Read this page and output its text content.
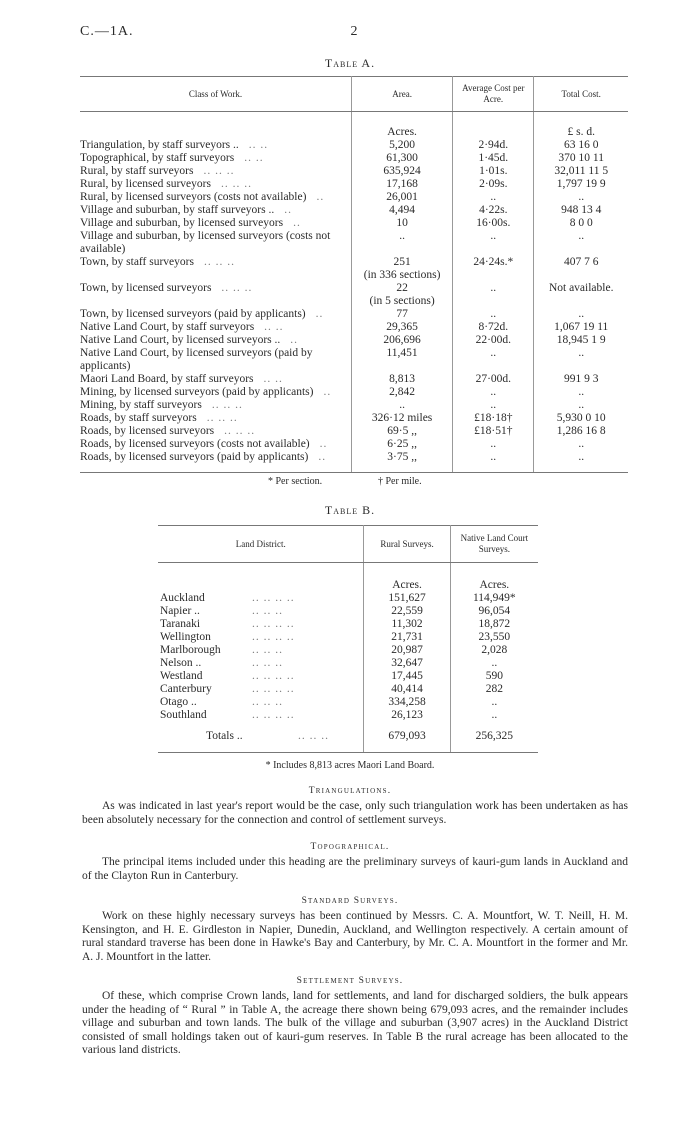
C.—1A.	2
Table A.
Class of Work.	Area.	Average Cost per Acre.	Total Cost.

	Acres.		£ s. d.
Triangulation, by staff surveyors .. .. ..	5,200	2·94d.	63 16 0
Topographical, by staff surveyors .. ..	61,300	1·45d.	370 10 11
Rural, by staff surveyors .. .. ..	635,924	1·01s.	32,011 11 5
Rural, by licensed surveyors .. .. ..	17,168	2·09s.	1,797 19 9
Rural, by licensed surveyors (costs not available) ..	26,001	..	..
Village and suburban, by staff surveyors .. ..	4,494	4·22s.	948 13 4
Village and suburban, by licensed surveyors ..	10	16·00s.	8 0 0
Village and suburban, by licensed surveyors (costs not available)	..	..	..
Town, by staff surveyors .. .. ..	251	24·24s.*	407 7 6
	(in 336 sections)		
Town, by licensed surveyors .. .. ..	22	..	Not available.
	(in 5 sections)		
Town, by licensed surveyors (paid by applicants) ..	77	..	..
Native Land Court, by staff surveyors .. ..	29,365	8·72d.	1,067 19 11
Native Land Court, by licensed surveyors .. ..	206,696	22·00d.	18,945 1 9
Native Land Court, by licensed surveyors (paid by applicants)	11,451	..	..
Maori Land Board, by staff surveyors .. ..	8,813	27·00d.	991 9 3
Mining, by licensed surveyors (paid by applicants) ..	2,842	..	..
Mining, by staff surveyors .. .. ..	..	..	..
Roads, by staff surveyors .. .. ..	326·12 miles	£18·18†	5,930 0 10
Roads, by licensed surveyors .. .. ..	69·5 ,,	£18·51†	1,286 16 8
Roads, by licensed surveyors (costs not available) ..	6·25 ,,	..	..
Roads, by licensed surveyors (paid by applicants) ..	3·75 ,,	..	..

* Per section.	† Per mile.
Table B.
Land District.	Rural Surveys.	Native Land Court Surveys.

	Acres.	Acres.
Auckland .. .. .. ..	151,627	114,949*
Napier .. .. .. ..	22,559	96,054
Taranaki .. .. .. ..	11,302	18,872
Wellington .. .. .. ..	21,731	23,550
Marlborough .. .. ..	20,987	2,028
Nelson .. .. .. ..	32,647	..
Westland .. .. .. ..	17,445	590
Canterbury .. .. .. ..	40,414	282
Otago .. .. .. ..	334,258	..
Southland .. .. .. ..	26,123	..

Totals .. .. .. ..	679,093	256,325

* Includes 8,813 acres Maori Land Board.
Triangulations.

As was indicated in last year's report would be the case, only such triangulation work has been undertaken as has been absolutely necessary for the connection and control of settlement surveys.

Topographical.

The principal items included under this heading are the preliminary surveys of kauri-gum lands in Auckland and of the Clayton Run in Canterbury.

Standard Surveys.

Work on these highly necessary surveys has been continued by Messrs. C. A. Mountfort, W. T. Neill, H. M. Kensington, and H. E. Girdleston in Napier, Dunedin, Auckland, and Wellington respectively. A certain amount of rural standard traverse has been done in Hawke's Bay and Canterbury, by Mr. C. A. Mountfort in the former and Mr. A. J. Mountfort in the latter.

Settlement Surveys.

Of these, which comprise Crown lands, land for settlements, and land for discharged soldiers, the bulk appears under the heading of “ Rural ” in Table A, the acreage there shown being 679,093 acres, and the remainder includes village and suburban and town lands. The bulk of the village and suburban (3,907 acres) in the Auckland District consisted of small holdings taken out of kauri-gum reserves. In Table B the rural acreage has been allocated to the various land districts.
